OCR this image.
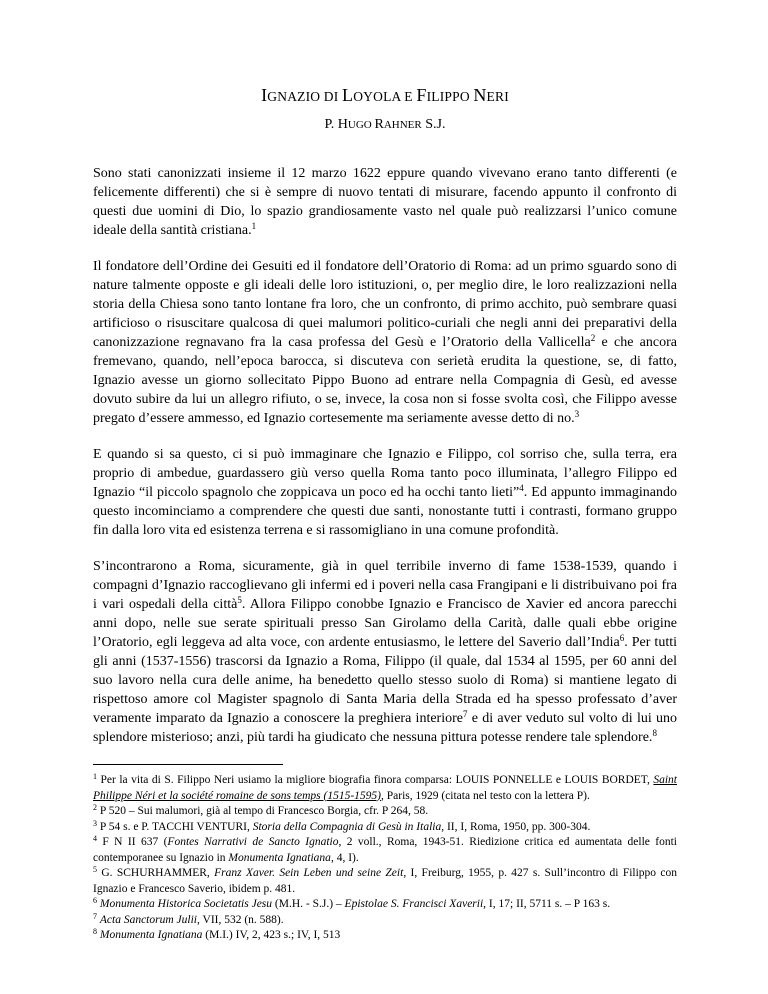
IGNAZIO DI LOYOLA E FILIPPO NERI

P. HUGO RAHNER S.J.

Sono stati canonizzati insieme il 12 marzo 1622 eppure quando vivevano erano tanto differenti (e felicemente differenti) che si è sempre di nuovo tentati di misurare, facendo appunto il confronto di questi due uomini di Dio, lo spazio grandiosamente vasto nel quale può realizzarsi l’unico comune ideale della santità cristiana.$^1$

Il fondatore dell’Ordine dei Gesuiti ed il fondatore dell’Oratorio di Roma: ad un primo sguardo sono di nature talmente opposte e gli ideali delle loro istituzioni, o, per meglio dire, le loro realizzazioni nella storia della Chiesa sono tanto lontane fra loro, che un confronto, di primo acchito, può sembrare quasi artificioso o risuscitare qualcosa di quei malumori politico-curiali che negli anni dei preparativi della canonizzazione regnavano fra la casa professa del Gesù e l’Oratorio della Vallicella$^2$ e che ancora fremevano, quando, nell’epoca barocca, si discuteva con serietà erudita la questione, se, di fatto, Ignazio avesse un giorno sollecitato Pippo Buono ad entrare nella Compagnia di Gesù, ed avesse dovuto subire da lui un allegro rifiuto, o se, invece, la cosa non si fosse svolta così, che Filippo avesse pregato d’essere ammesso, ed Ignazio cortesemente ma seriamente avesse detto di no.$^3$

E quando si sa questo, ci si può immaginare che Ignazio e Filippo, col sorriso che, sulla terra, era proprio di ambedue, guardassero giù verso quella Roma tanto poco illuminata, l’allegro Filippo ed Ignazio “il piccolo spagnolo che zoppicava un poco ed ha occhi tanto lieti”$^4$. Ed appunto immaginando questo incominciamo a comprendere che questi due santi, nonostante tutti i contrasti, formano gruppo fin dalla loro vita ed esistenza terrena e si rassomigliano in una comune profondità.

S’incontrarono a Roma, sicuramente, già in quel terribile inverno di fame 1538-1539, quando i compagni d’Ignazio raccoglievano gli infermi ed i poveri nella casa Frangipani e li distribuivano poi fra i vari ospedali della città$^5$. Allora Filippo conobbe Ignazio e Francisco de Xavier ed ancora parecchi anni dopo, nelle sue serate spirituali presso San Girolamo della Carità, dalle quali ebbe origine l’Oratorio, egli leggeva ad alta voce, con ardente entusiasmo, le lettere del Saverio dall’India$^6$. Per tutti gli anni (1537-1556) trascorsi da Ignazio a Roma, Filippo (il quale, dal 1534 al 1595, per 60 anni del suo lavoro nella cura delle anime, ha benedetto quello stesso suolo di Roma) si mantiene legato di rispettoso amore col Magister spagnolo di Santa Maria della Strada ed ha spesso professato d’aver veramente imparato da Ignazio a conoscere la preghiera interiore$^7$ e di aver veduto sul volto di lui uno splendore misterioso; anzi, più tardi ha giudicato che nessuna pittura potesse rendere tale splendore.$^8$

$^1$ Per la vita di S. Filippo Neri usiamo la migliore biografia finora comparsa: LOUIS PONNELLE e LOUIS BORDET, Saint Philippe Néri et la société romaine de sons temps (1515-1595), Paris, 1929 (citata nel testo con la lettera P).

$^2$ P 520 – Sui malumori, già al tempo di Francesco Borgia, cfr. P 264, 58.

$^3$ P 54 s. e P. TACCHI VENTURI, Storia della Compagnia di Gesù in Italia, II, I, Roma, 1950, pp. 300-304.

$^4$ F N II 637 (Fontes Narrativi de Sancto Ignatio, 2 voll., Roma, 1943-51. Riedizione critica ed aumentata delle fonti contemporanee su Ignazio in Monumenta Ignatiana, 4, I).

$^5$ G. SCHURHAMMER, Franz Xaver. Sein Leben und seine Zeit, I, Freiburg, 1955, p. 427 s. Sull’incontro di Filippo con Ignazio e Francesco Saverio, ibidem p. 481.

$^6$ Monumenta Historica Societatis Jesu (M.H. - S.J.) – Epistolae S. Francisci Xaverii, I, 17; II, 5711 s. – P 163 s.

$^7$ Acta Sanctorum Julii, VII, 532 (n. 588).

$^8$ Monumenta Ignatiana (M.I.) IV, 2, 423 s.; IV, I, 513
